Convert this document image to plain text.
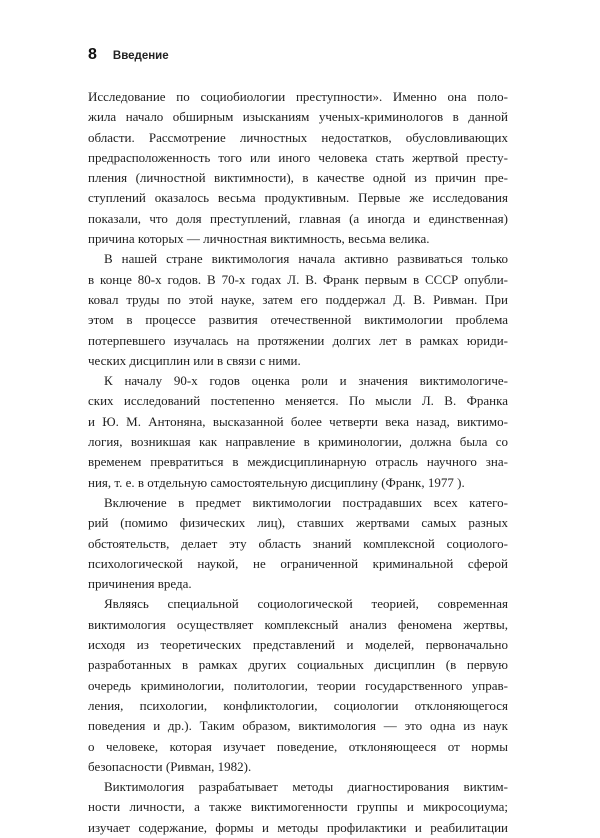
8 Введение
Исследование по социобиологии преступности». Именно она поло-
жила начало обширным изысканиям ученых-криминологов в данной
области. Рассмотрение личностных недостатков, обусловливающих
предрасположенность того или иного человека стать жертвой престу-
пления (личностной виктимности), в качестве одной из причин пре-
ступлений оказалось весьма продуктивным. Первые же исследования
показали, что доля преступлений, главная (а иногда и единственная)
причина которых — личностная виктимность, весьма велика.
В нашей стране виктимология начала активно развиваться только
в конце 80-х годов. В 70-х годах Л. В. Франк первым в СССР опубли-
ковал труды по этой науке, затем его поддержал Д. В. Ривман. При
этом в процессе развития отечественной виктимологии проблема
потерпевшего изучалась на протяжении долгих лет в рамках юриди-
ческих дисциплин или в связи с ними.
К началу 90-х годов оценка роли и значения виктимологиче-
ских исследований постепенно меняется. По мысли Л. В. Франка
и Ю. М. Антоняна, высказанной более четверти века назад, виктимо-
логия, возникшая как направление в криминологии, должна была со
временем превратиться в междисциплинарную отрасль научного зна-
ния, т. е. в отдельную самостоятельную дисциплину (Франк, 1977 ).
Включение в предмет виктимологии пострадавших всех катего-
рий (помимо физических лиц), ставших жертвами самых разных
обстоятельств, делает эту область знаний комплексной социолого-
психологической наукой, не ограниченной криминальной сферой
причинения вреда.
Являясь специальной социологической теорией, современная
виктимология осуществляет комплексный анализ феномена жертвы,
исходя из теоретических представлений и моделей, первоначально
разработанных в рамках других социальных дисциплин (в первую
очередь криминологии, политологии, теории государственного управ-
ления, психологии, конфликтологии, социологии отклоняющегося
поведения и др.). Таким образом, виктимология — это одна из наук
о человеке, которая изучает поведение, отклоняющееся от нормы
безопасности (Ривман, 1982).
Виктимология разрабатывает методы диагностирования виктим-
ности личности, а также виктимогенности группы и микросоциума;
изучает содержание, формы и методы профилактики и реабилитации
